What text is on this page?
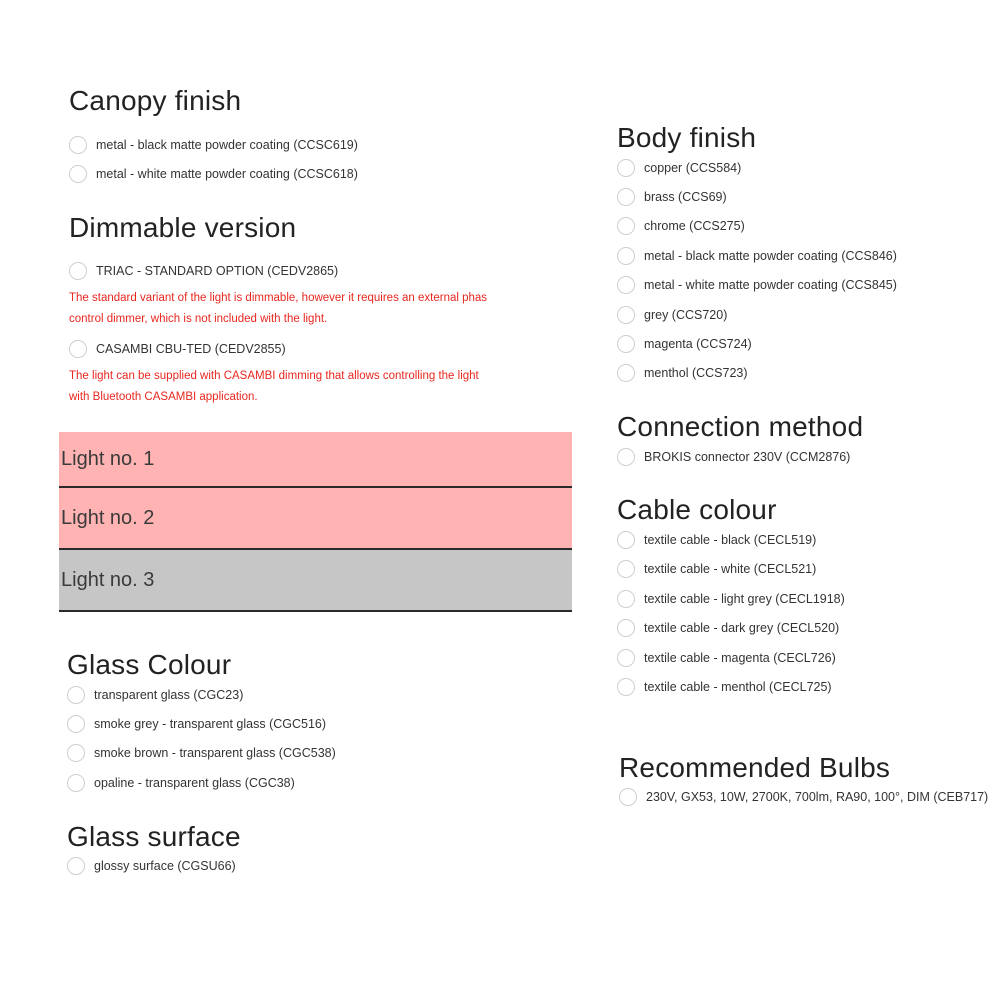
Canopy finish
metal - black matte powder coating (CCSC619)
metal - white matte powder coating (CCSC618)
Dimmable version
TRIAC - STANDARD OPTION (CEDV2865)
The standard variant of the light is dimmable, however it requires an external phas
control dimmer, which is not included with the light.
CASAMBI CBU-TED (CEDV2855)
The light can be supplied with CASAMBI dimming that allows controlling the light
with Bluetooth CASAMBI application.
Light no. 1
Light no. 2
Light no. 3
Glass Colour
transparent glass (CGC23)
smoke grey - transparent glass (CGC516)
smoke brown - transparent glass (CGC538)
opaline - transparent glass (CGC38)
Glass surface
glossy surface (CGSU66)
Body finish
copper (CCS584)
brass (CCS69)
chrome (CCS275)
metal - black matte powder coating (CCS846)
metal - white matte powder coating (CCS845)
grey (CCS720)
magenta (CCS724)
menthol (CCS723)
Connection method
BROKIS connector 230V (CCM2876)
Cable colour
textile cable - black (CECL519)
textile cable - white (CECL521)
textile cable - light grey (CECL1918)
textile cable - dark grey (CECL520)
textile cable - magenta (CECL726)
textile cable - menthol (CECL725)
Recommended Bulbs
230V, GX53, 10W, 2700K, 700lm, RA90, 100°, DIM (CEB717)
